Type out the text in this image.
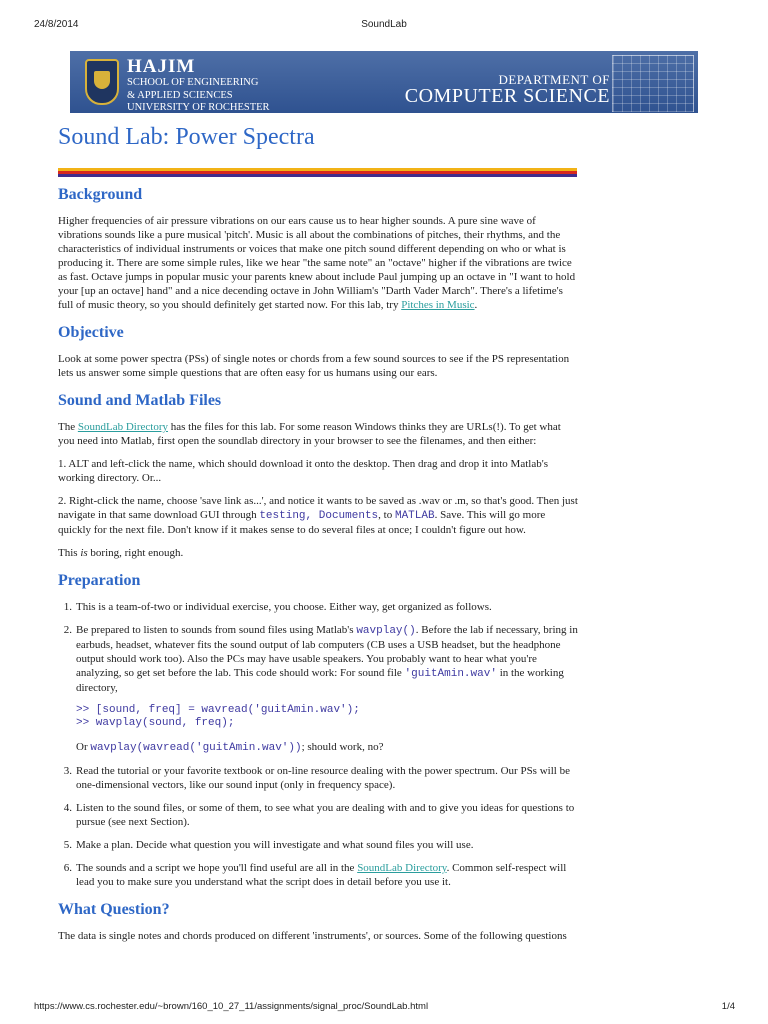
24/8/2014	SoundLab
HAJIM
SCHOOL OF ENGINEERING
& APPLIED SCIENCES
UNIVERSITY OF ROCHESTER
DEPARTMENT OF
COMPUTER SCIENCE
Sound Lab: Power Spectra
Background

Higher frequencies of air pressure vibrations on our ears cause us to hear higher sounds. A pure sine wave of vibrations sounds like a pure musical 'pitch'. Music is all about the combinations of pitches, their rhythms, and the characteristics of individual instruments or voices that make one pitch sound different depending on who or what is producing it. There are some simple rules, like we hear "the same note" an "octave" higher if the vibrations are twice as fast. Octave jumps in popular music your parents knew about include Paul jumping up an octave in "I want to hold your [up an octave] hand" and a nice decending octave in John William's "Darth Vader March". There's a lifetime's full of music theory, so you should definitely get started now. For this lab, try Pitches in Music.

Objective

Look at some power spectra (PSs) of single notes or chords from a few sound sources to see if the PS representation lets us answer some simple questions that are often easy for us humans using our ears.

Sound and Matlab Files

The SoundLab Directory has the files for this lab. For some reason Windows thinks they are URLs(!). To get what you need into Matlab, first open the soundlab directory in your browser to see the filenames, and then either:

1. ALT and left-click the name, which should download it onto the desktop. Then drag and drop it into Matlab's working directory. Or...

2. Right-click the name, choose 'save link as...', and notice it wants to be saved as .wav or .m, so that's good. Then just navigate in that same download GUI through testing, Documents, to MATLAB. Save. This will go more quickly for the next file. Don't know if it makes sense to do several files at once; I couldn't figure out how.

This is boring, right enough.

Preparation
1. This is a team-of-two or individual exercise, you choose. Either way, get organized as follows.
2. Be prepared to listen to sounds from sound files using Matlab's wavplay(). Before the lab if necessary, bring in earbuds, headset, whatever fits the sound output of lab computers (CB uses a USB headset, but the headphone output should work too). Also the PCs may have usable speakers. You probably want to hear what you're analyzing, so get set before the lab. This code should work: For sound file 'guitAmin.wav' in the working directory,

>> [sound, freq] = wavread('guitAmin.wav');
>> wavplay(sound, freq);

Or wavplay(wavread('guitAmin.wav')); should work, no?

3. Read the tutorial or your favorite textbook or on-line resource dealing with the power spectrum. Our PSs will be one-dimensional vectors, like our sound input (only in frequency space).
4. Listen to the sound files, or some of them, to see what you are dealing with and to give you ideas for questions to pursue (see next Section).
5. Make a plan. Decide what question you will investigate and what sound files you will use.
6. The sounds and a script we hope you'll find useful are all in the SoundLab Directory. Common self-respect will lead you to make sure you understand what the script does in detail before you use it.
What Question?

The data is single notes and chords produced on different 'instruments', or sources. Some of the following questions

https://www.cs.rochester.edu/~brown/160_10_27_11/assignments/signal_proc/SoundLab.html	1/4
